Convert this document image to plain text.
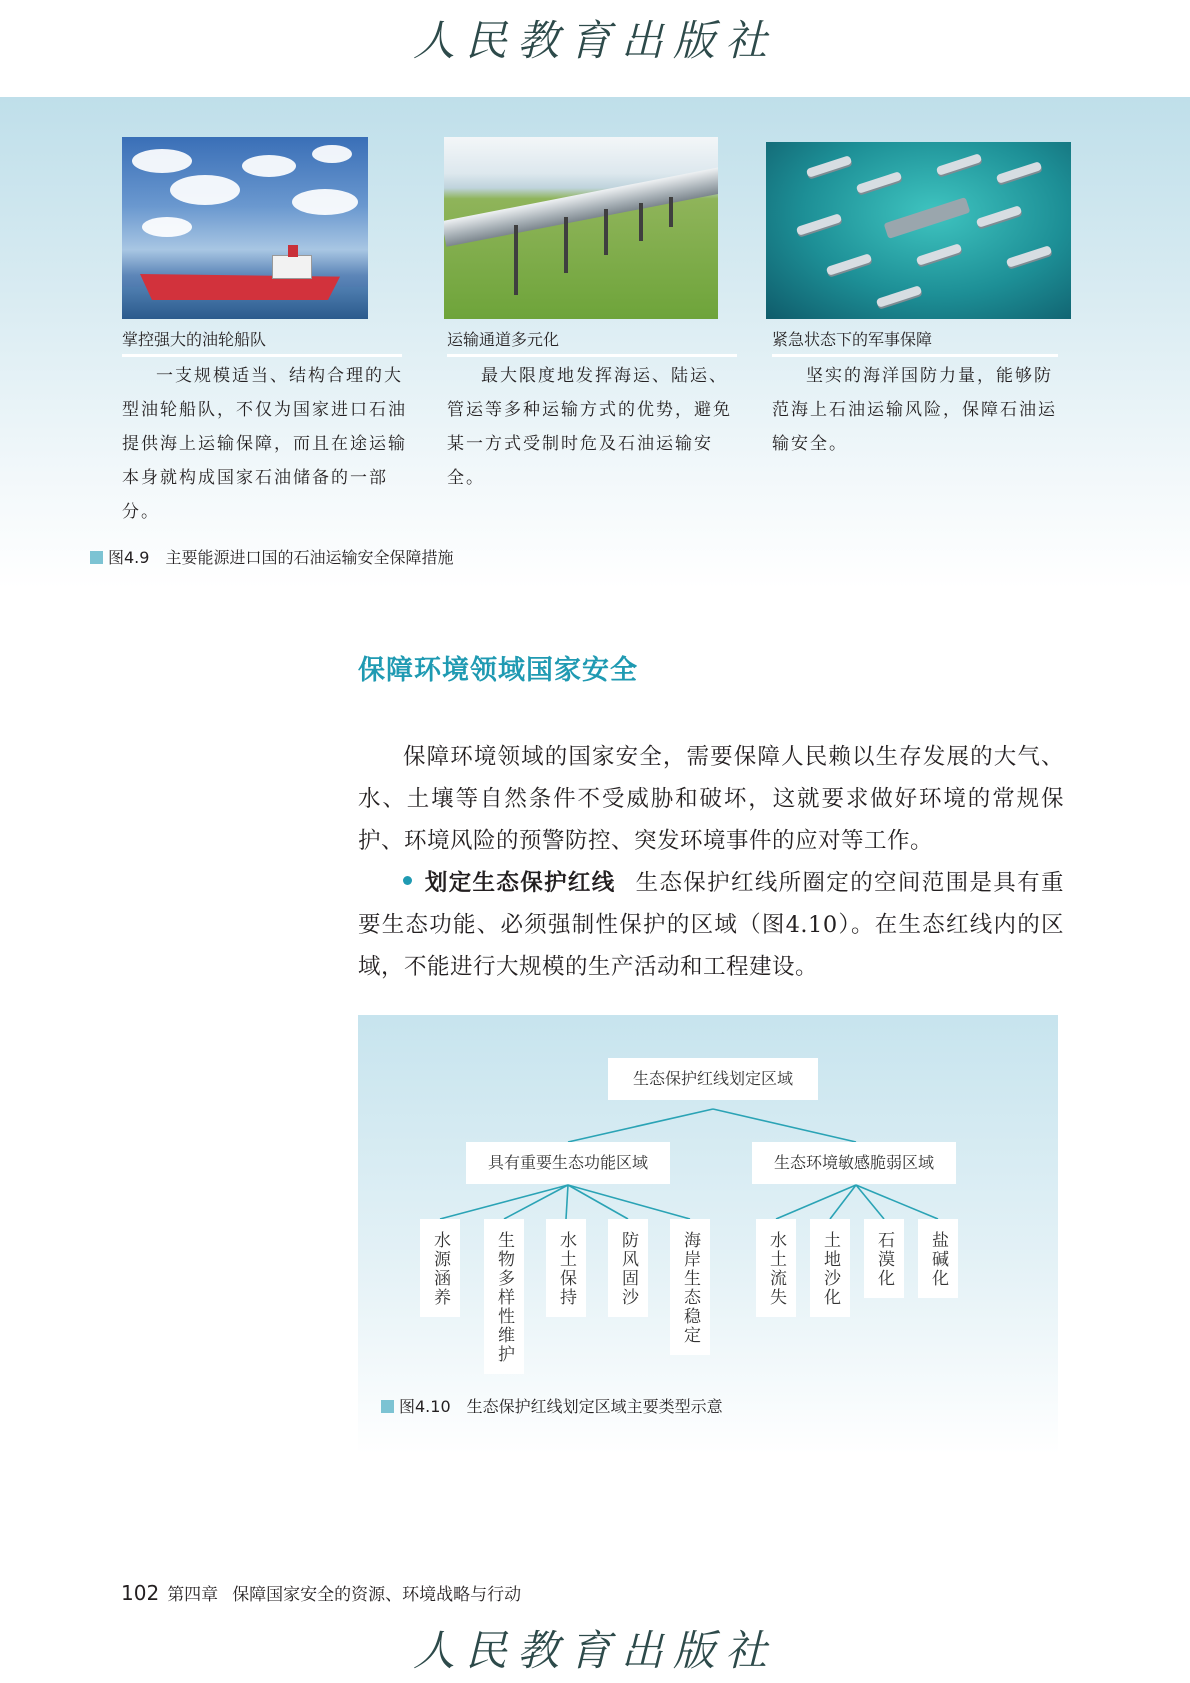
人民教育出版社
掌控强大的油轮船队
一支规模适当、结构合理的大型油轮船队，不仅为国家进口石油提供海上运输保障，而且在途运输本身就构成国家石油储备的一部分。
运输通道多元化
最大限度地发挥海运、陆运、管运等多种运输方式的优势，避免某一方式受制时危及石油运输安全。
紧急状态下的军事保障
坚实的海洋国防力量，能够防范海上石油运输风险，保障石油运输安全。
图4.9　主要能源进口国的石油运输安全保障措施
保障环境领域国家安全
保障环境领域的国家安全，需要保障人民赖以生存发展的大气、水、土壤等自然条件不受威胁和破坏，这就要求做好环境的常规保护、环境风险的预警防控、突发环境事件的应对等工作。
划定生态保护红线 生态保护红线所圈定的空间范围是具有重要生态功能、必须强制性保护的区域（图4.10）。在生态红线内的区域，不能进行大规模的生产活动和工程建设。
生态保护红线划定区域
具有重要生态功能区域	生态环境敏感脆弱区域
水源涵养	生物多样性维护	水土保持	防风固沙	海岸生态稳定	水土流失	土地沙化	石漠化	盐碱化
图4.10　生态保护红线划定区域主要类型示意
102 第四章 保障国家安全的资源、环境战略与行动
人民教育出版社
